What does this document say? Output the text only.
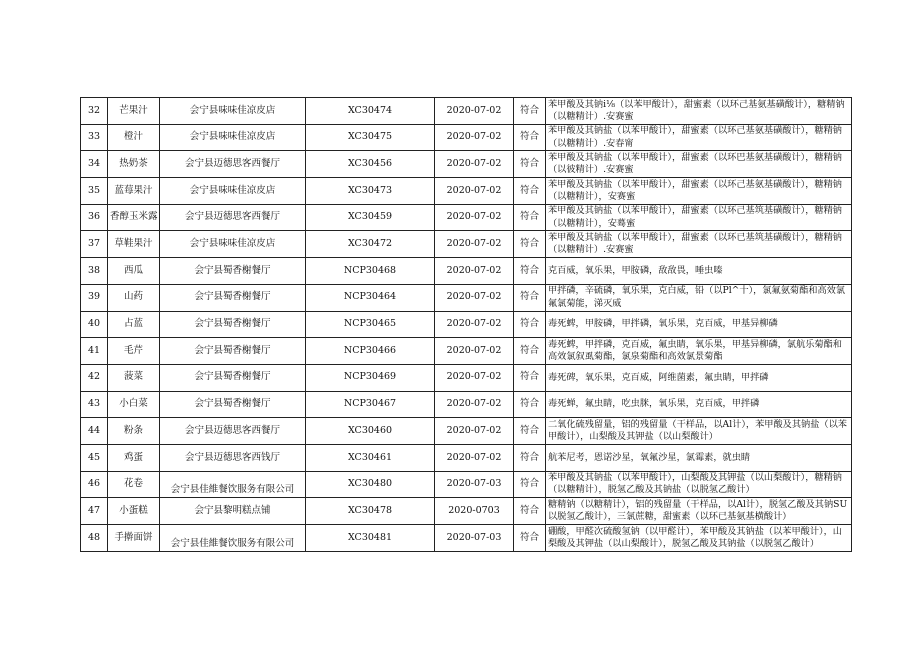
32	芒果汁	会宁县味味佳凉皮店	XC30474	2020-07-02	符合	苯甲酸及其钠i⅛（以苯甲酸计），甜蜜素（以环己基氨基磺酸计），糖精钠（以糖精计）.安赛蜜
33	橙汁	会宁县味味佳凉皮店	XC30475	2020-07-02	符合	苯甲酸及其钠盐（以苯甲酸计），甜蜜素（以环己基氨基磺酸计），糖精钠（以糖精计）.安春甯
34	热奶茶	会宁县迈德思客西餐厅	XC30456	2020-07-02	符合	苯甲酸及其钠盐（以苯甲酸计），甜蜜素（以环巴基氨基磺酸计），糖精钠（以彼精计）.安赛蜜
35	蓝莓果汁	会宁县味味佳凉皮店	XC30473	2020-07-02	符合	苯甲酸及其钠盐（以苯甲酸计），甜蜜素（以环己基氨基磺酸计），糖精钠（以糖精计），安赛蜜
36	香醇玉米露	会宁县迈德思客西餐厅	XC30459	2020-07-02	符合	苯甲酸及其钠盐（以苯甲酸计），甜蜜素（以环己基筑基磺酸计），糖精钠（以糖精计），安蓦蜜
37	草鞋果汁	会宁县味味佳凉皮店	XC30472	2020-07-02	符合	苯甲酸及其钠盐（以苯甲酸计），甜蜜素（以环已基筑基磺酸计），糖精钠（以糖精计）.安赛蜜
38	西瓜	会宁县蜀香榭餐厅	NCP30468	2020-07-02	符合	克百威，氧乐果，甲胺磷，敌敌畏，唾虫嗪
39	山药	会宁县蜀香榭餐厅	NCP30464	2020-07-02	符合	甲拌磷，辛硫磷，氧乐果，克白威，铅（以Pl^十），氯氟氨菊酯和高效氯氟氯菊能，涕灭威
40	占蓝	会宁县蜀香榭餐厅	NCP30465	2020-07-02	符合	毒死蜱，甲胺磷，甲拌磷，氧乐果，克百威，甲基异柳磷
41	毛芹	会宁县蜀香榭餐厅	NCP30466	2020-07-02	符合	毒死蜱，甲拌磷，克百威，氟虫睛，氧乐果，甲基异柳磷，氯航乐菊酯和高效氯叙虱菊酯，氯泉菊酯和高效氯景菊酯
42	菠菜	会宁县蜀香榭餐厅	NCP30469	2020-07-02	符合	毒死碑，氧乐果，克百威，阿维菌素，氟虫睛，甲拌磷
43	小白菜	会宁县蜀香榭餐厅	NCP30467	2020-07-02	符合	毒死蝉，氟虫睛，吃虫脒，氧乐果，克百威，甲拌磷
44	粉条	会宁县迈德思客西餐厅	XC30460	2020-07-02	符合	二氧化硫残留量，铝的残留量（干样品，以Al计），苯甲酸及其钠盐（以苯甲酸计），山梨酸及其钾盐（以山梨酸计）
45	鸡蛋	会宁县迈德思客西钱厅	XC30461	2020-07-02	符合	航苯尼考，恩诺沙星，氧氟沙星，氯霉素，就虫睛
46	花卷	会宁县佳維餐饮服务有限公司	XC30480	2020-07-03	符合	苯甲酸及其钠盐（以苯甲酸计），山梨酸及其钾盐（以山梨酸计），糖精钠（以糖精计），脱氢乙酸及其钠盐（以脱氢乙酸计）
47	小蛋糕	会宁县黎明糕点铺	XC30478	2020-0703	符合	糖精钠（以糖精计），铝的残留量（干样品，以Al计），脱氢乙酸及其钠SU以脱氢乙酸计），三氯蔗糖，甜蜜素（以环已基氨基横酸计）
48	手擀面饼	会宁县佳維餐饮服务有限公司	XC30481	2020-07-03	符合	硼酸，甲醛次硫酸氢钠（以甲醛计），苯甲酸及其钠盐（以苯甲酸计），山梨酸及其钾盐（以山梨酸计），脱氢乙酸及其钠盐（以脱氢乙酸计）
